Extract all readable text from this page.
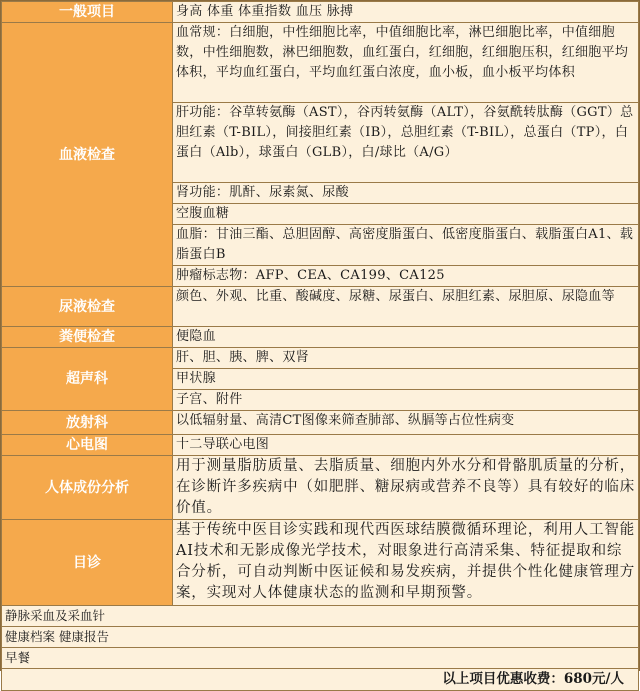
一般项目	身高 体重 体重指数 血压 脉搏
血液检查	血常规：白细胞，中性细胞比率，中值细胞比率，淋巴细胞比率，中值细胞数，中性细胞数，淋巴细胞数，血红蛋白，红细胞，红细胞压积，红细胞平均体积，平均血红蛋白，平均血红蛋白浓度，血小板，血小板平均体积
	肝功能：谷草转氨酶（AST），谷丙转氨酶（ALT），谷氨酰转肽酶（GGT）总胆红素（T-BIL），间接胆红素（IB），总胆红素（T-BIL），总蛋白（TP），白蛋白（Alb），球蛋白（GLB），白/球比（A/G）
	肾功能：肌酐、尿素氮、尿酸
	空腹血糖
	血脂：甘油三酯、总胆固醇、高密度脂蛋白、低密度脂蛋白、载脂蛋白A1、载脂蛋白B
	肿瘤标志物：AFP、CEA、CA199、CA125
尿液检查	颜色、外观、比重、酸碱度、尿糖、尿蛋白、尿胆红素、尿胆原、尿隐血等
粪便检查	便隐血
超声科	肝、胆、胰、脾、双肾
	甲状腺
	子宫、附件
放射科	以低辐射量、高清CT图像来筛查肺部、纵膈等占位性病变
心电图	十二导联心电图
人体成份分析	用于测量脂肪质量、去脂质量、细胞内外水分和骨骼肌质量的分析，在诊断许多疾病中（如肥胖、糖尿病或营养不良等）具有较好的临床价值。
目诊	基于传统中医目诊实践和现代西医球结膜微循环理论，利用人工智能AI技术和无影成像光学技术，对眼象进行高清采集、特征提取和综合分析，可自动判断中医证候和易发疾病，并提供个性化健康管理方案，实现对人体健康状态的监测和早期预警。
静脉采血及采血针	
健康档案 健康报告	
早餐	
以上项目优惠收费：680元/人	
